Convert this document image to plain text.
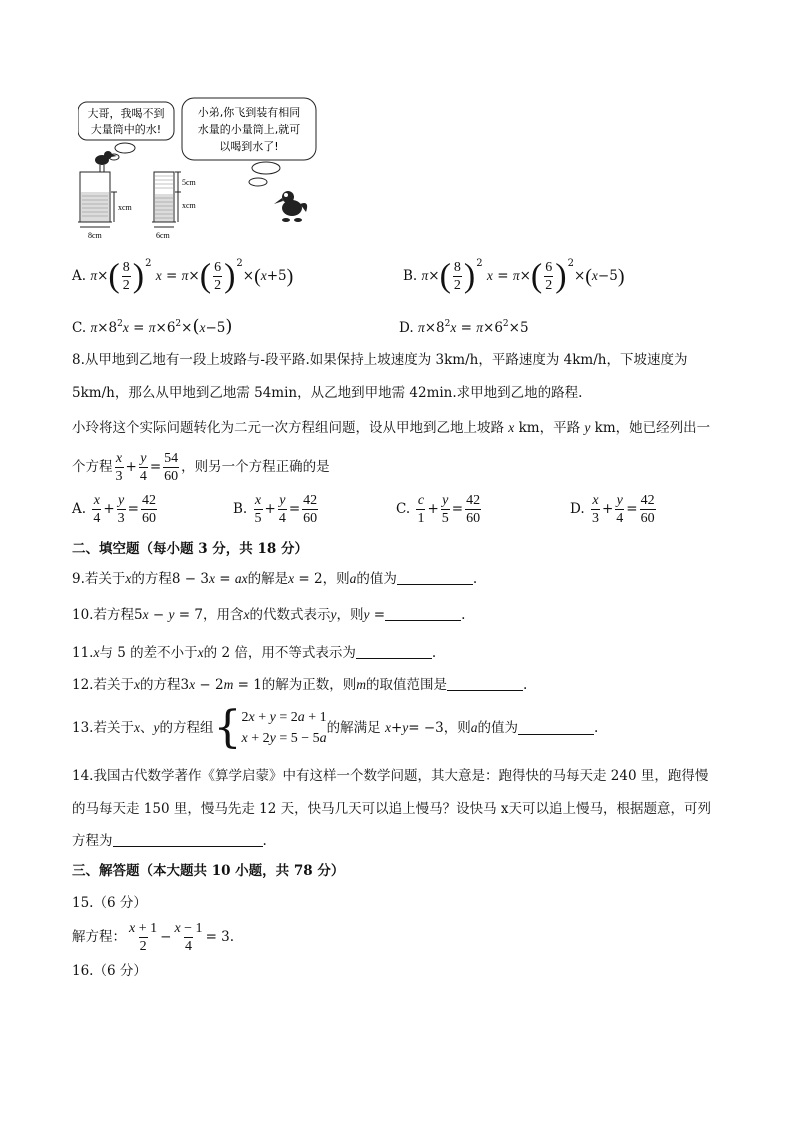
大哥，我喝不到
大量筒中的水!
小弟,你飞到装有相同
水量的小量筒上,就可
以喝到水了!
xcm
8cm
5cm
xcm
6cm
A. $\pi\times( \frac{8}{2} )^2$ $x = \pi\times( \frac{6}{2} )^2\times(x+5)$	B. $\pi\times( \frac{8}{2} )^2$ $x = \pi\times( \frac{6}{2} )^2\times(x-5)$
C. $\pi\times 8^2x = \pi\times 6^2\times(x-5)$	D. $\pi\times 8^2x = \pi\times 6^2\times 5$
8.从甲地到乙地有一段上坡路与-段平路.如果保持上坡速度为 3km/h，平路速度为 4km/h，下坡速度为
5km/h，那么从甲地到乙地需 54min，从乙地到甲地需 42min.求甲地到乙地的路程.
小玲将这个实际问题转化为二元一次方程组问题，设从甲地到乙地上坡路 x km，平路 y km，她已经列出一
个方程 $\frac{x}{3} + \frac{y}{4} = \frac{54}{60}$ ，则另一个方程正确的是
A. $\frac{x}{4} + \frac{y}{3} = \frac{42}{60}$	B. $\frac{x}{5} + \frac{y}{4} = \frac{42}{60}$	C. $\frac{c}{1} + \frac{y}{5} = \frac{42}{60}$	D. $\frac{x}{3} + \frac{y}{4} = \frac{42}{60}$
二、填空题（每小题 3 分，共 18 分）
9.若关于x的方程8 − 3x = ax的解是x = 2，则a的值为	.
10.若方程5x − y = 7，用含x的代数式表示y，则y =	.
11.x与 5 的差不小于x的 2 倍，用不等式表示为	.
12.若关于x的方程3x − 2m = 1的解为正数，则m的取值范围是	.
13.若关于 x 、 y 的方程组 { 2x + y = 2a + 1
x + 2y = 5 − 5a
的解满足
x + y = −3 ，则 a 的值为	.
14.我国古代数学著作《算学启蒙》中有这样一个数学问题，其大意是：跑得快的马每天走 240 里，跑得慢
的马每天走 150 里，慢马先走 12 天，快马几天可以追上慢马？设快马 x天可以追上慢马，根据题意，可列
方程为	.
三、解答题（本大题共 10 小题，共 78 分）
15.（6 分）
解方程： $\frac{x + 1}{2} - \frac{x - 1}{4} = 3$.
16.（6 分）
